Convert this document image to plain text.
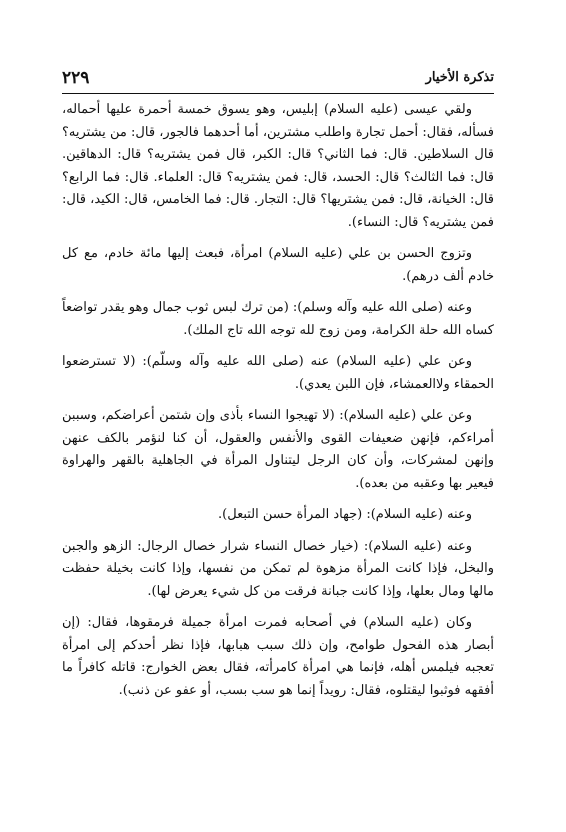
تذكرة الأخيار
٢٢٩

ولقي عيسى (عليه السلام) إبليس، وهو يسوق خمسة أحمرة عليها أحماله، فسأله، فقال: أحمل تجارة واطلب مشترين، أما أحدهما فالجور، قال: من يشتريه؟ قال السلاطين. قال: فما الثاني؟ قال: الكبر، قال فمن يشتريه؟ قال: الدهاقين. قال: فما الثالث؟ قال: الحسد، قال: فمن يشتريه؟ قال: العلماء. قال: فما الرابع؟ قال: الخيانة، قال: فمن يشتريها؟ قال: التجار. قال: فما الخامس، قال: الكيد، قال: فمن يشتريه؟ قال: النساء).

وتزوج الحسن بن علي (عليه السلام) امرأة، فبعث إليها مائة خادم، مع كل خادم ألف درهم).

وعنه (صلى الله عليه وآله وسلم): (من ترك لبس ثوب جمال وهو يقدر تواضعاً كساه الله حلة الكرامة، ومن زوج لله توجه الله تاج الملك).

وعن علي (عليه السلام) عنه (صلى الله عليه وآله وسلّم): (لا تسترضعوا الحمقاء ولاالعمشاء، فإن اللبن يعدي).

وعن علي (عليه السلام): (لا تهيجوا النساء بأذى وإن شتمن أعراضكم، وسببن أمراءكم، فإنهن ضعيفات القوى والأنفس والعقول، أن كنا لنؤمر بالكف عنهن وإنهن لمشركات، وأن كان الرجل ليتناول المرأة في الجاهلية بالقهر والهراوة فيعير بها وعقبه من بعده).

وعنه (عليه السلام): (جهاد المرأة حسن التبعل).

وعنه (عليه السلام): (خيار خصال النساء شرار خصال الرجال: الزهو والجبن والبخل، فإذا كانت المرأة مزهوة لم تمكن من نفسها، وإذا كانت بخيلة حفظت مالها ومال بعلها، وإذا كانت جبانة فرقت من كل شيء يعرض لها).

وكان (عليه السلام) في أصحابه فمرت امرأة جميلة فرمقوها، فقال: (إن أبصار هذه الفحول طوامح، وإن ذلك سبب هبابها، فإذا نظر أحدكم إلى امرأة تعجبه فيلمس أهله، فإنما هي امرأة كامرأته، فقال بعض الخوارج: قاتله كافراً ما أفقهه فوثبوا ليقتلوه، فقال: رويداً إنما هو سب بسب، أو عفو عن ذنب).
